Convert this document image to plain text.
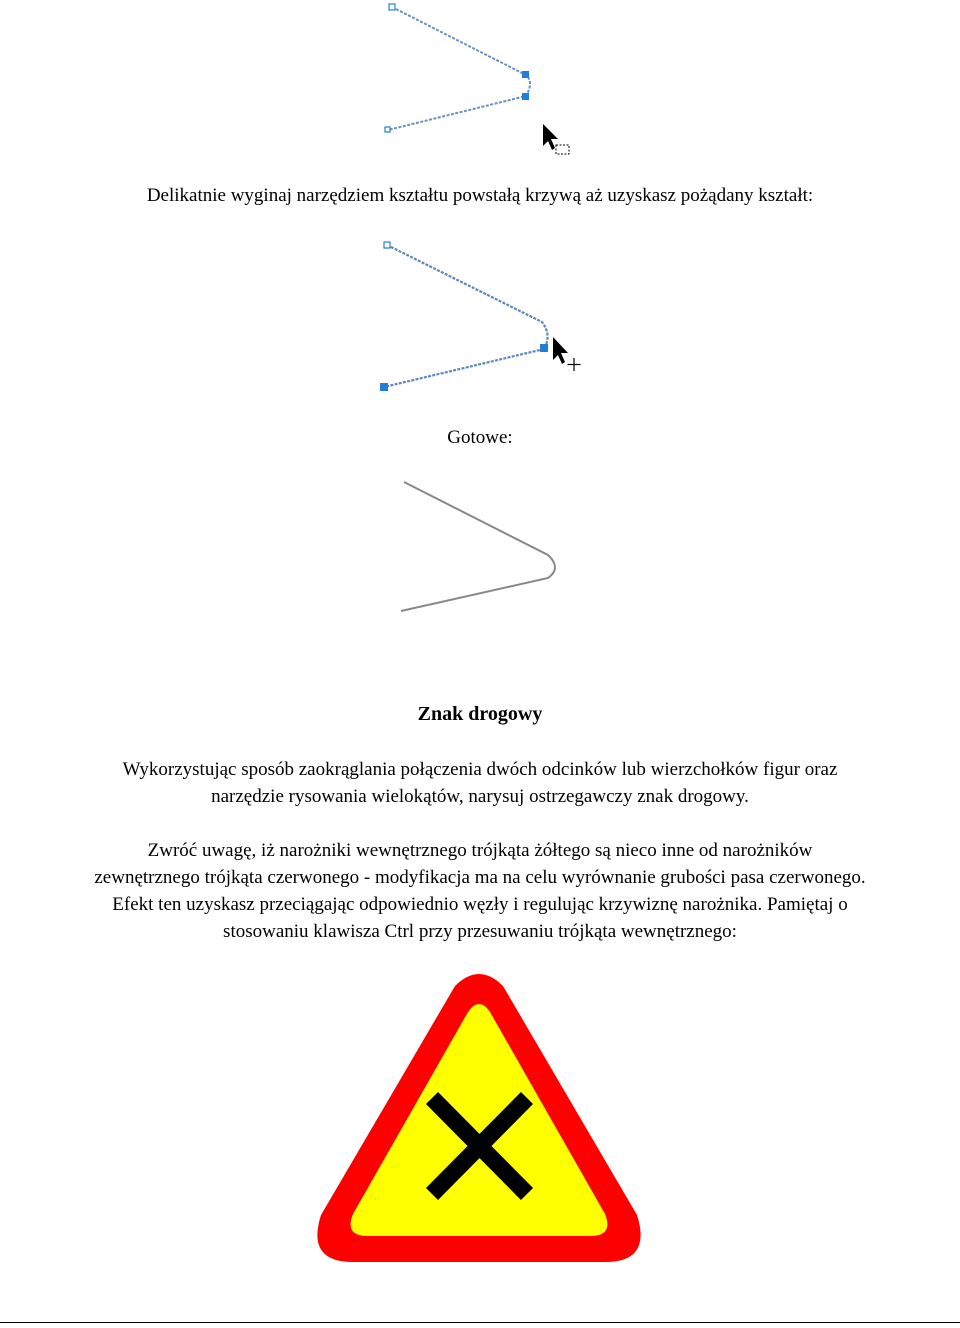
Delikatnie wyginaj narzędziem kształtu powstałą krzywą aż uzyskasz pożądany kształt:
Gotowe:
Znak drogowy
Wykorzystując sposób zaokrąglania połączenia dwóch odcinków lub wierzchołków figur oraz
narzędzie rysowania wielokątów, narysuj ostrzegawczy znak drogowy.
Zwróć uwagę, iż narożniki wewnętrznego trójkąta żółtego są nieco inne od narożników
zewnętrznego trójkąta czerwonego - modyfikacja ma na celu wyrównanie grubości pasa czerwonego.
Efekt ten uzyskasz przeciągając odpowiednio węzły i regulując krzywiznę narożnika. Pamiętaj o
stosowaniu klawisza Ctrl przy przesuwaniu trójkąta wewnętrznego:
